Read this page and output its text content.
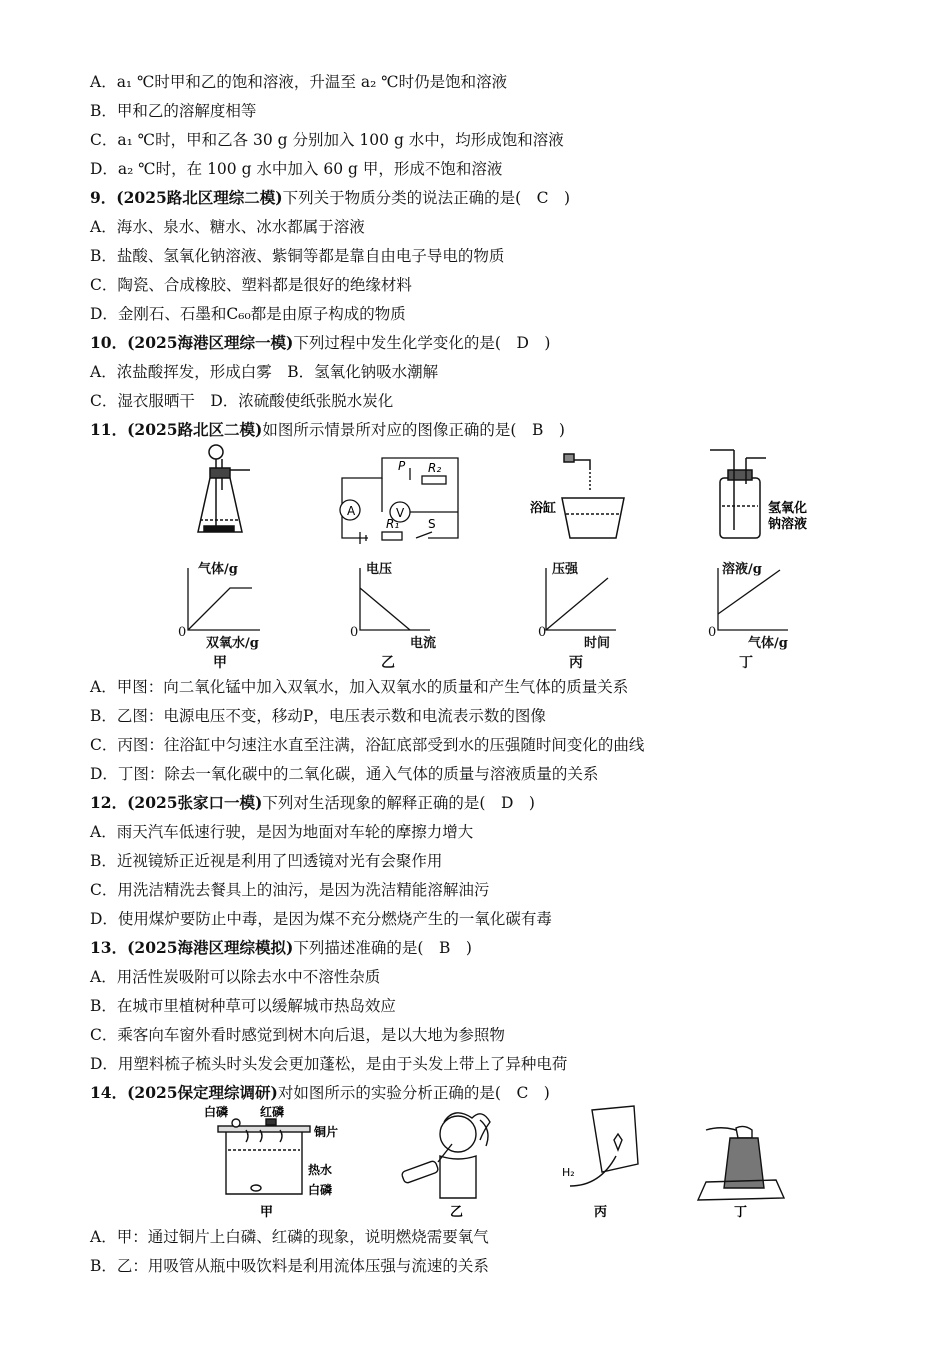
A．a₁ ℃时甲和乙的饱和溶液，升温至 a₂ ℃时仍是饱和溶液
B．甲和乙的溶解度相等
C．a₁ ℃时，甲和乙各 30 g 分别加入 100 g 水中，均形成饱和溶液
D．a₂ ℃时，在 100 g 水中加入 60 g 甲，形成不饱和溶液
9．(2025路北区理综二模)下列关于物质分类的说法正确的是(　C　)
A．海水、泉水、糖水、冰水都属于溶液
B．盐酸、氢氧化钠溶液、紫铜等都是靠自由电子导电的物质
C．陶瓷、合成橡胶、塑料都是很好的绝缘材料
D．金刚石、石墨和C₆₀都是由原子构成的物质
10．(2025海港区理综一模)下列过程中发生化学变化的是(　D　)
A．浓盐酸挥发，形成白雾　B．氢氧化钠吸水潮解
C．湿衣服晒干　D．浓硫酸使纸张脱水炭化
11．(2025路北区二模)如图所示情景所对应的图像正确的是(　B　)
A	V
P R₂
R₁ S
浴缸	氢氧化
钠溶液
气体/g
0
双氧水/g
甲
电压
0
电流
乙
压强
0
时间
丙
溶液/g
0
气体/g
丁
A．甲图：向二氧化锰中加入双氧水，加入双氧水的质量和产生气体的质量关系
B．乙图：电源电压不变，移动P，电压表示数和电流表示数的图像
C．丙图：往浴缸中匀速注水直至注满，浴缸底部受到水的压强随时间变化的曲线
D．丁图：除去一氧化碳中的二氧化碳，通入气体的质量与溶液质量的关系
12．(2025张家口一模)下列对生活现象的解释正确的是(　D　)
A．雨天汽车低速行驶，是因为地面对车轮的摩擦力增大
B．近视镜矫正近视是利用了凹透镜对光有会聚作用
C．用洗洁精洗去餐具上的油污，是因为洗洁精能溶解油污
D．使用煤炉要防止中毒，是因为煤不充分燃烧产生的一氧化碳有毒
13．(2025海港区理综模拟)下列描述准确的是(　B　)
A．用活性炭吸附可以除去水中不溶性杂质
B．在城市里植树种草可以缓解城市热岛效应
C．乘客向车窗外看时感觉到树木向后退，是以大地为参照物
D．用塑料梳子梳头时头发会更加蓬松，是由于头发上带上了异种电荷
14．(2025保定理综调研)对如图所示的实验分析正确的是(　C　)
白磷	红磷
铜片
热水
白磷
甲	乙
H₂
丙	丁
A．甲：通过铜片上白磷、红磷的现象，说明燃烧需要氧气
B．乙：用吸管从瓶中吸饮料是利用流体压强与流速的关系
